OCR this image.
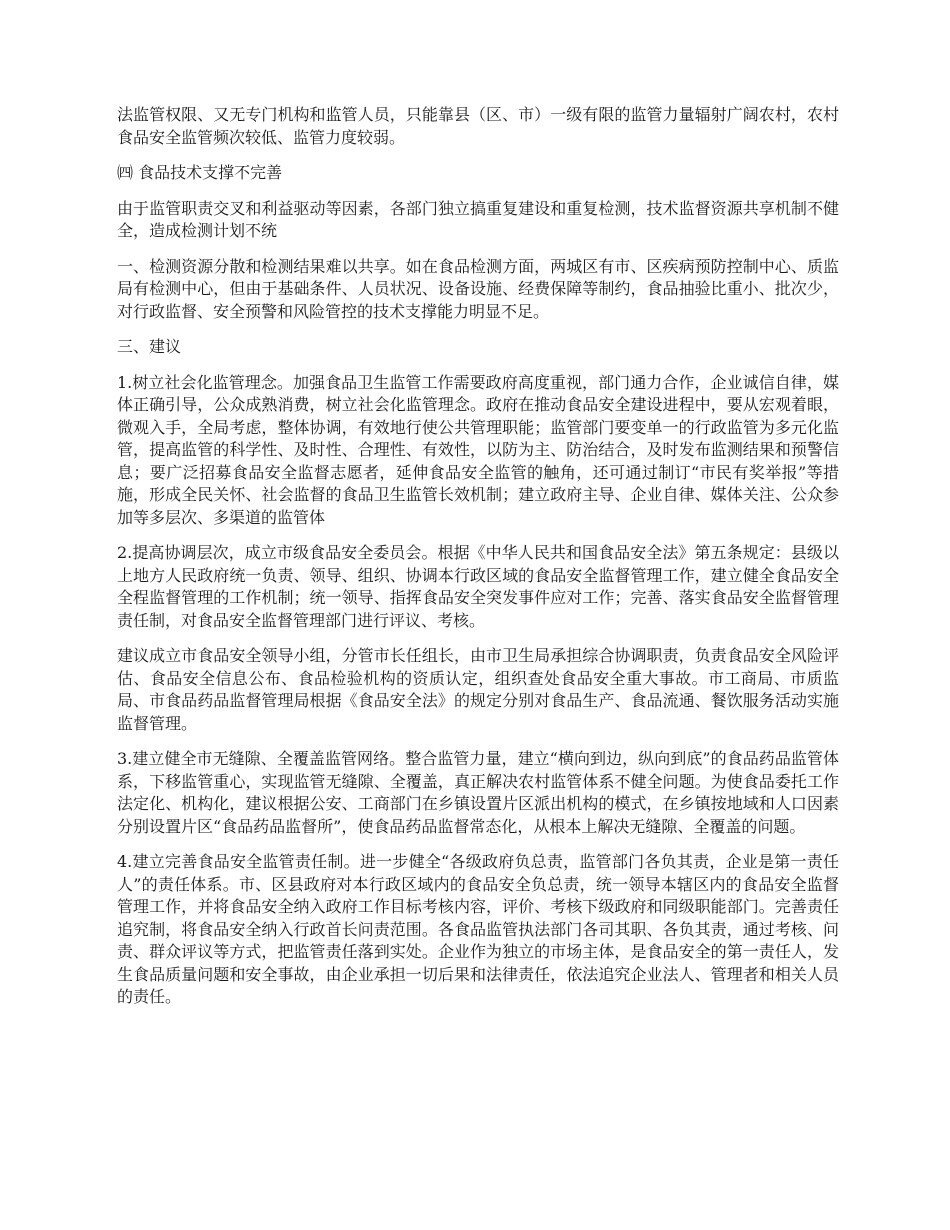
法监管权限、又无专门机构和监管人员，只能靠县（区、市）一级有限的监管力量辐射广阔农村，农村食品安全监管频次较低、监管力度较弱。

㈣ 食品技术支撑不完善

由于监管职责交叉和利益驱动等因素，各部门独立搞重复建设和重复检测，技术监督资源共享机制不健全，造成检测计划不统

一、检测资源分散和检测结果难以共享。如在食品检测方面，两城区有市、区疾病预防控制中心、质监局有检测中心，但由于基础条件、人员状况、设备设施、经费保障等制约，食品抽验比重小、批次少，对行政监督、安全预警和风险管控的技术支撑能力明显不足。

三、建议

1.树立社会化监管理念。加强食品卫生监管工作需要政府高度重视，部门通力合作，企业诚信自律，媒体正确引导，公众成熟消费，树立社会化监管理念。政府在推动食品安全建设进程中，要从宏观着眼，微观入手，全局考虑，整体协调，有效地行使公共管理职能；监管部门要变单一的行政监管为多元化监管，提高监管的科学性、及时性、合理性、有效性，以防为主、防治结合，及时发布监测结果和预警信息；要广泛招募食品安全监督志愿者，延伸食品安全监管的触角，还可通过制订“市民有奖举报”等措施，形成全民关怀、社会监督的食品卫生监管长效机制；建立政府主导、企业自律、媒体关注、公众参加等多层次、多渠道的监管体

2.提高协调层次，成立市级食品安全委员会。根据《中华人民共和国食品安全法》第五条规定：县级以上地方人民政府统一负责、领导、组织、协调本行政区域的食品安全监督管理工作，建立健全食品安全全程监督管理的工作机制；统一领导、指挥食品安全突发事件应对工作；完善、落实食品安全监督管理责任制，对食品安全监督管理部门进行评议、考核。

建议成立市食品安全领导小组，分管市长任组长，由市卫生局承担综合协调职责，负责食品安全风险评估、食品安全信息公布、食品检验机构的资质认定，组织查处食品安全重大事故。市工商局、市质监局、市食品药品监督管理局根据《食品安全法》的规定分别对食品生产、食品流通、餐饮服务活动实施监督管理。

3.建立健全市无缝隙、全覆盖监管网络。整合监管力量，建立“横向到边，纵向到底”的食品药品监管体系，下移监管重心，实现监管无缝隙、全覆盖，真正解决农村监管体系不健全问题。为使食品委托工作法定化、机构化，建议根据公安、工商部门在乡镇设置片区派出机构的模式，在乡镇按地域和人口因素分别设置片区“食品药品监督所”，使食品药品监督常态化，从根本上解决无缝隙、全覆盖的问题。

4.建立完善食品安全监管责任制。进一步健全“各级政府负总责，监管部门各负其责，企业是第一责任人”的责任体系。市、区县政府对本行政区域内的食品安全负总责，统一领导本辖区内的食品安全监督管理工作，并将食品安全纳入政府工作目标考核内容，评价、考核下级政府和同级职能部门。完善责任追究制，将食品安全纳入行政首长问责范围。各食品监管执法部门各司其职、各负其责，通过考核、问责、群众评议等方式，把监管责任落到实处。企业作为独立的市场主体，是食品安全的第一责任人，发生食品质量问题和安全事故，由企业承担一切后果和法律责任，依法追究企业法人、管理者和相关人员的责任。
